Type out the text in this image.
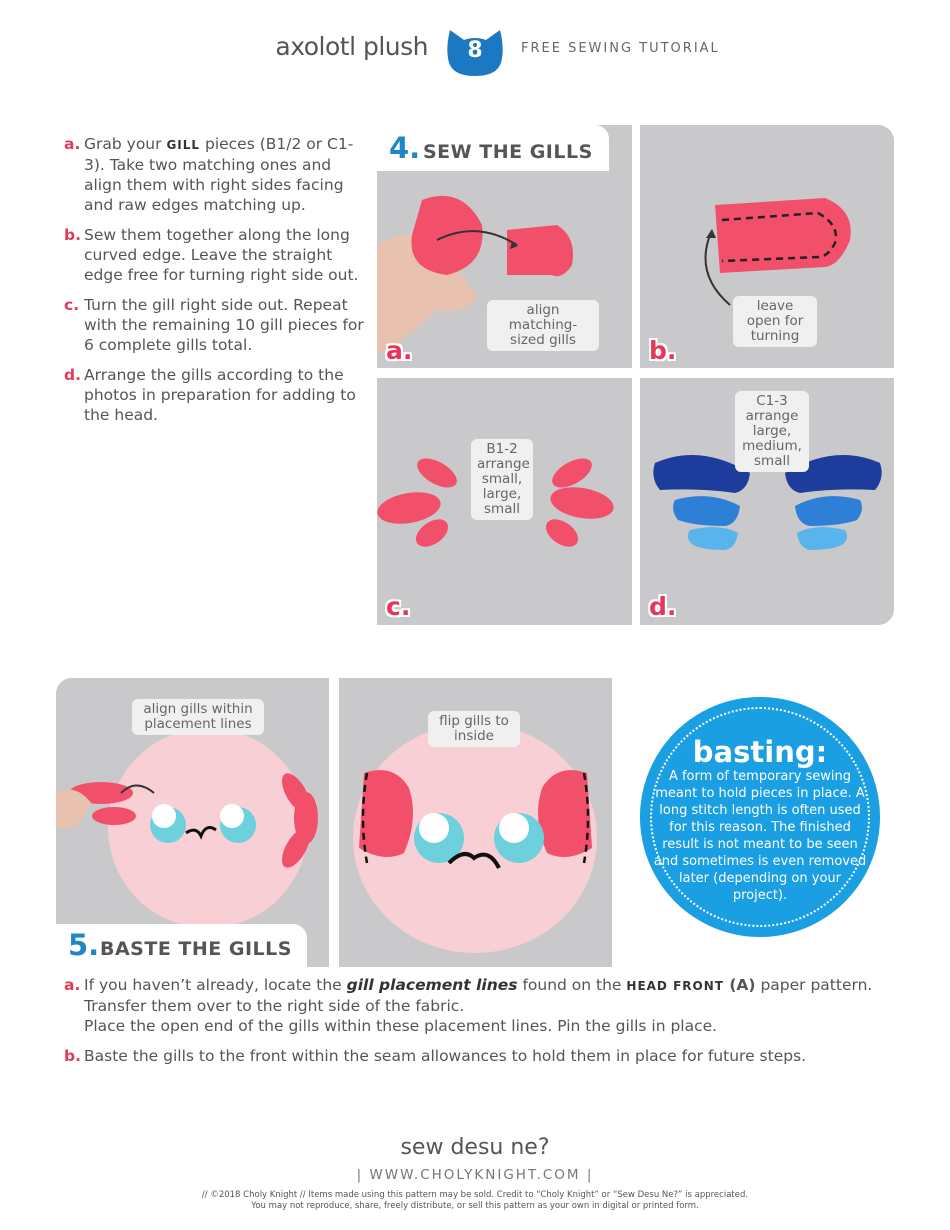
axolotl plush	8	FREE SEWING TUTORIAL
a. Grab your GILL pieces (B1/2 or C1-3). Take two matching ones and align them with right sides facing and raw edges matching up.
b. Sew them together along the long curved edge. Leave the straight edge free for turning right side out.
c. Turn the gill right side out. Repeat with the remaining 10 gill pieces for 6 complete gills total.
d. Arrange the gills according to the photos in preparation for adding to the head.
4. SEW THE GILLS
align matching-sized gills
a.
leave open for turning
b.
B1-2 arrange small, large, small
c.
C1-3 arrange large, medium, small
d.
align gills within placement lines	flip gills to inside
5. BASTE THE GILLS
basting:
A form of temporary sewing meant to hold pieces in place. A long stitch length is often used for this reason. The finished result is not meant to be seen and sometimes is even removed later (depending on your project).
a. If you haven’t already, locate the gill placement lines found on the HEAD FRONT (A) paper pattern.
Transfer them over to the right side of the fabric.
Place the open end of the gills within these placement lines. Pin the gills in place.
b. Baste the gills to the front within the seam allowances to hold them in place for future steps.
sew desu ne?
| WWW.CHOLYKNIGHT.COM |
// ©2018 Choly Knight // Items made using this pattern may be sold. Credit to “Choly Knight” or “Sew Desu Ne?” is appreciated.
You may not reproduce, share, freely distribute, or sell this pattern as your own in digital or printed form.
